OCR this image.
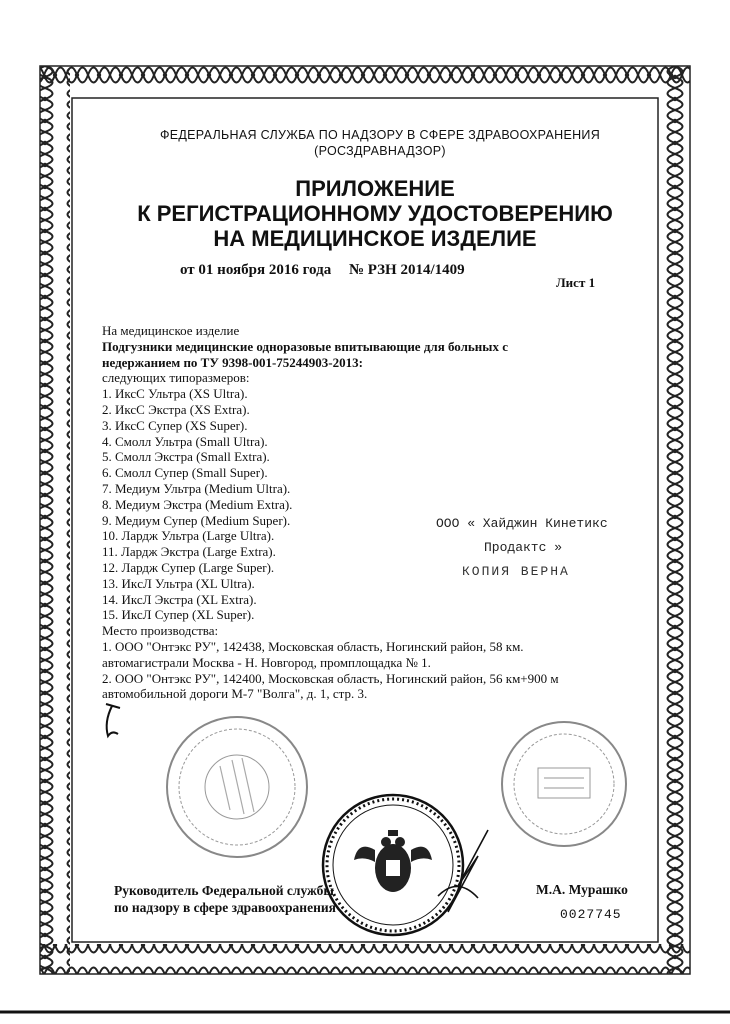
ФЕДЕРАЛЬНАЯ СЛУЖБА ПО НАДЗОРУ В СФЕРЕ ЗДРАВООХРАНЕНИЯ
(РОСЗДРАВНАДЗОР)
ПРИЛОЖЕНИЕ
К РЕГИСТРАЦИОННОМУ УДОСТОВЕРЕНИЮ
НА МЕДИЦИНСКОЕ ИЗДЕЛИЕ
от 01 ноября 2016 года № РЗН 2014/1409
Лист 1
На медицинское изделие
Подгузники медицинские одноразовые впитывающие для больных с
недержанием по ТУ 9398-001-75244903-2013:
следующих типоразмеров:
1. ИксС Ультра (XS Ultra).
2. ИксС Экстра (XS Extra).
3. ИксС Супер (XS Super).
4. Смолл Ультра (Small Ultra).
5. Смолл Экстра (Small Extra).
6. Смолл Супер (Small Super).
7. Медиум Ультра (Medium Ultra).
8. Медиум Экстра (Medium Extra).
9. Медиум Супер (Medium Super).
10. Лардж Ультра (Large Ultra).
11. Лардж Экстра (Large Extra).
12. Лардж Супер (Large Super).
13. ИкcЛ Ультра (XL Ultra).
14. ИксЛ Экстра (XL Extra).
15. ИксЛ Супер (XL Super).
Место производства:
1. ООО "Онтэкс РУ", 142438, Московская область, Ногинский район, 58 км.
автомагистрали Москва - Н. Новгород, промплощадка № 1.
2. ООО "Онтэкс РУ", 142400, Московская область, Ногинский район, 56 км+900 м
автомобильной дороги М-7 "Волга", д. 1, стр. 3.
ООО « Хайджин Кинетикс
Продактс »
КОПИЯ ВЕРНА
Руководитель Федеральной службы
по надзору в сфере здравоохранения
М.А. Мурашко
0027745
